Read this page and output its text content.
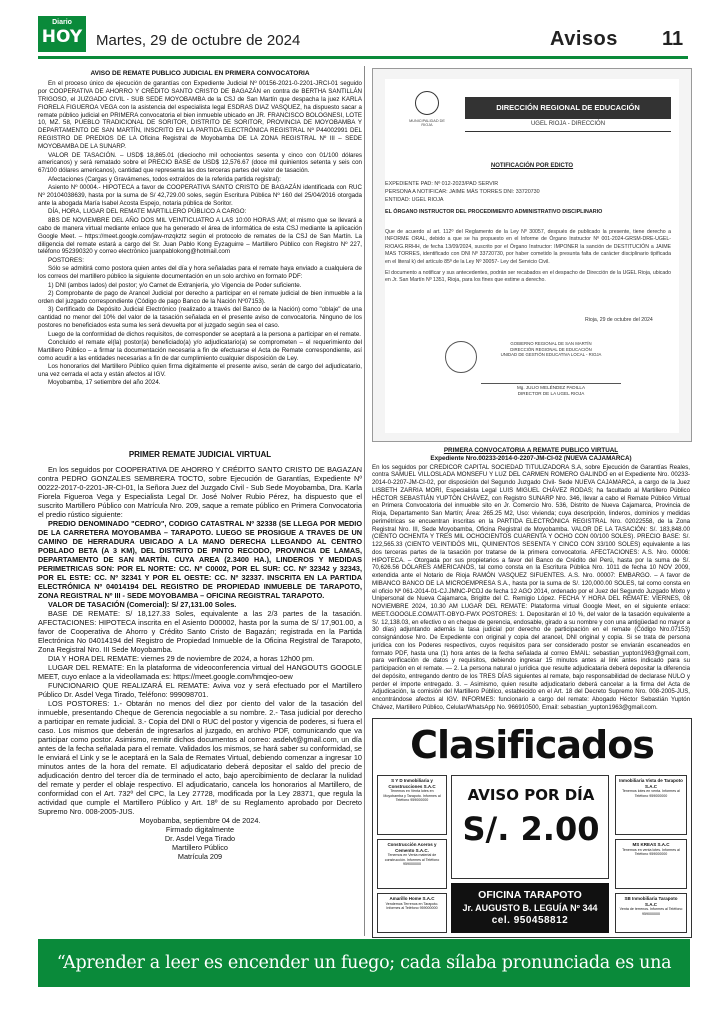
Diario
HOY Martes, 29 de octubre de 2024	Avisos 11

AVISO DE REMATE PÚBLICO JUDICIAL EN PRIMERA CONVOCATORIA

En el proceso único de ejecución de garantías con Expediente Judicial Nº 00156-2021-0-2201-JRCI-01 seguido por COOPERATIVA DE AHORRO Y CRÉDITO SANTO CRISTO DE BAGAZÁN en contra de BERTHA SANTILLÁN TRIGOSO, el JUZGADO CIVIL - SUB SEDE MOYOBAMBA de la CSJ de San Martín que despacha la juez KARLA FIORELA FIGUEROA VEGA con la asistencia del especialista legal ESDRAS DIAZ VASQUEZ, ha dispuesto sacar a remate público judicial en PRIMERA convocatoria el bien inmueble ubicado en JR. FRANCISCO BOLOGNESI, LOTE 10, MZ. 58, PUEBLO TRADICIONAL DE SORITOR, DISTRITO DE SORITOR, PROVINCIA DE MOYOBAMBA Y DEPARTAMENTO DE SAN MARTÍN, INSCRITO EN LA PARTIDA ELECTRÓNICA REGISTRAL Nº P44002991 DEL REGISTRO DE PREDIOS DE LA Oficina Registral de Moyobamba DE LA ZONA REGISTRAL Nº III – SEDE MOYOBAMBA DE LA SUNARP.

VALOR DE TASACIÓN. – USD$ 18,865.01 (dieciocho mil ochocientos sesenta y cinco con 01/100 dólares americanos) y será rematado sobre el PRECIO BASE de USD$ 12,576.67 (doce mil quinientos setenta y seis con 67/100 dólares americanos), cantidad que representa las dos terceras partes del valor de tasación.

Afectaciones (Cargas y Gravámenes, todos extraídos de la referida partida registral):

Asiento Nº 00004.- HIPOTECA a favor de COOPERATIVA SANTO CRISTO DE BAGAZÁN identificada con RUC Nº 20104038639, hasta por la suma de S/ 42,729.00 soles, según Escritura Pública Nº 160 del 25/04/2016 otorgada ante la abogada María Isabel Acosta Espejo, notaria pública de Soritor.

DÍA, HORA, LUGAR DEL REMATE MARTILLERO PÚBLICO A CARGO:

8BS DE NOVIEMBRE DEL AÑO DOS MIL VEINTICUATRO A LAS 10:00 HORAS AM; el mismo que se llevará a cabo de manera virtual mediante enlace que ha generado el área de informática de esta CSJ mediante la aplicación Google Meet. – https://meet.google.com/jaw-mzqkztz según el protocolo de remates de la CSJ de San Martín. La diligencia del remate estará a cargo del Sr. Juan Pablo Kong Eyzaguirre – Martillero Público con Registro Nº 227, teléfono 952390320 y correo electrónico juanpablokong@hotmail.com

POSTORES:

Sólo se admitirá como postora quien antes del día y hora señaladas para el remate haya enviado a cualquiera de los correos del martillero público la siguiente documentación en un solo archivo en formato PDF:

1) DNI (ambos lados) del postor; y/o Carnet de Extranjería, y/o Vigencia de Poder suficiente.

2) Comprobante de pago de Arancel Judicial por derecho a participar en el remate judicial de bien inmueble a la orden del juzgado correspondiente (Código de pago Banco de la Nación Nº07153).

3) Certificado de Depósito Judicial Electrónico (realizado a través del Banco de la Nación) como "oblaje" de una cantidad no menor del 10% del valor de la tasación señalada en el presente aviso de convocatoria. Ninguno de los postores no beneficiados esta suma les será devuelta por el juzgado según sea el caso.

Luego de la conformidad de dichos requisitos, de corresponder se aceptará a la persona a participar en el remate.

Concluido el remate el(la) postor(a) beneficiado(a) y/o adjudicatario(a) se comprometen – el requerimiento del Martillero Público – a firmar la documentación necesaria a fin de efectuarse el Acta de Remate correspondiente, así como acudir a las entidades necesarias a fin de dar cumplimiento cualquier disposición de Ley.

Los honorarios del Martillero Público quien firma digitalmente el presente aviso, serán de cargo del adjudicatario, una vez cerrada el acta y están afectos al IGV.

Moyobamba, 17 setiembre del año 2024.

PRIMER REMATE JUDICIAL VIRTUAL

En los seguidos por COOPERATIVA DE AHORRO Y CRÉDITO SANTO CRISTO DE BAGAZAN contra PEDRO GONZALES SEMBRERA TOCTO, sobre Ejecución de Garantías, Expediente Nº 00222-2017-0-2201-JR-CI-01, la Señora Juez del Juzgado Civil - Sub Sede Moyobamba, Dra. Karla Fiorela Figueroa Vega y Especialista Legal Dr. José Nolver Rubio Pérez, ha dispuesto que el suscrito Martillero Público con Matrícula Nro. 209, saque a remate público en Primera Convocatoria el predio rústico siguiente:

PREDIO DENOMINADO "CEDRO", CODIGO CATASTRAL Nº 32338 (SE LLEGA POR MEDIO DE LA CARRETERA MOYOBAMBA – TARAPOTO. LUEGO SE PROSIGUE A TRAVES DE UN CAMINO DE HERRADURA UBICADO A LA MANO DERECHA LLEGANDO AL CENTRO POBLADO BETA (A 3 KM), DEL DISTRITO DE PINTO RECODO, PROVINCIA DE LAMAS, DEPARTAMENTO DE SAN MARTÍN. CUYA AREA (2.3400 HA.), LINDEROS Y MEDIDAS PERIMETRICAS SON: POR EL NORTE: CC. Nº C0002, POR EL SUR: CC. Nº 32342 y 32343, POR EL ESTE: CC. Nº 32341 Y POR EL OESTE: CC. Nº 32337. INSCRITA EN LA PARTIDA ELECTRÓNICA Nº 04014194 DEL REGISTRO DE PROPIEDAD INMUEBLE DE TARAPOTO, ZONA REGISTRAL Nº III - SEDE MOYOBAMBA – OFICINA REGISTRAL TARAPOTO.

VALOR DE TASACIÓN (Comercial): S/ 27,131.00 Soles.

BASE DE REMATE: S/ 18,127.33 Soles, equivalente a las 2/3 partes de la tasación. AFECTACIONES: HIPOTECA inscrita en el Asiento D00002, hasta por la suma de S/ 17,901.00, a favor de Cooperativa de Ahorro y Crédito Santo Cristo de Bagazán; registrada en la Partida Electrónica No 04014194 del Registro de Propiedad Inmueble de la Oficina Registral de Tarapoto, Zona Registral Nro. III Sede Moyobamba.

DIA Y HORA DEL REMATE: viernes 29 de noviembre de 2024, a horas 12h00 pm.

LUGAR DEL REMATE: En la plataforma de videoconferencia virtual del HANGOUTS GOOGLE MEET, cuyo enlace a la videollamada es: https://meet.google.com/hmqjeo-oew

FUNCIONARIO QUE REALIZARÁ EL REMATE: Aviva voz y será efectuado por el Martillero Público Dr. Asdel Vega Tirado, Teléfono: 999098701.

LOS POSTORES: 1.- Obtarán no menos del diez por ciento del valor de la tasación del inmueble, presentando Cheque de Gerencia negociable a su nombre. 2.- Tasa judicial por derecho a participar en remate judicial. 3.- Copia del DNI o RUC del postor y vigencia de poderes, si fuera el caso. Los mismos que deberán de ingresarlos al juzgado, en archivo PDF, comunicando que va participar como postor. Asimismo, remitir dichos documentos al correo: asdelvt@gmail.com, un día antes de la fecha señalada para el remate. Validados los mismos, se hará saber su conformidad, se le enviará el Link y se le aceptará en la Sala de Remates Virtual, debiendo comenzar a ingresar 10 minutos antes de la hora del remate. El adjudicatario deberá depositar el saldo del precio de adjudicación dentro del tercer día de terminado el acto, bajo apercibimiento de declarar la nulidad del remate y perder el oblaje respectivo. El adjudicatario, cancela los honorarios al Martillero, de conformidad con el Art. 732º del CPC, la Ley 27728, modificada por la Ley 28371, que regula la actividad que cumple el Martillero Público y Art. 18º de su Reglamento aprobado por Decreto Supremo Nro. 008-2005-JUS.

Moyobamba, septiembre 04 de 2024.

Firmado digitalmente

Dr. Asdel Vega Tirado

Martillero Público

Matrícula 209

MUNICIPALIDAD DE RIOJA
DIRECCIÓN REGIONAL DE EDUCACIÓN
UGEL RIOJA - DIRECCIÓN
NOTIFICACIÓN POR EDICTO
EXPEDIENTE PAD: Nº 012-2023/PAD SERVIR
PERSONA A NOTIFICAR: JAIME MÁS TORRES DNI: 33720730
ENTIDAD: UGEL RIOJA
EL ÓRGANO INSTRUCTOR DEL PROCEDIMIENTO ADMINISTRATIVO DISCIPLINARIO

Que de acuerdo al art. 112º del Reglamento de la Ley Nº 30057, después de publicado la presente, tiene derecho a INFORME ORAL, debido a que se ha propuesto en el Informe de Órgano Instructor Nº 001-2024-GRSM-DRE-UGEL-R/OA/G.RRHH, de fecha 13/09/2024, suscrito por el Órgano Instructor: IMPONER la sanción de DESTITUCIÓN a JAIME MAS TORRES, identificado con DNI Nº 33720730, por haber cometido la presunta falta de carácter disciplinario tipificada en el literal k) del artículo 85º de la Ley Nº 30057- Ley del Servicio Civil.

El documento a notificar y sus antecedentes, podrán ser recabados en el despacho de Dirección de la UGEL Rioja, ubicado en Jr. San Martín Nº 1351, Rioja, para los fines que estime a derecho.

Rioja, 29 de octubre del 2024
GOBIERNO REGIONAL DE SAN MARTÍN
DIRECCIÓN REGIONAL DE EDUCACIÓN
UNIDAD DE GESTIÓN EDUCATIVA LOCAL - RIOJA
Mg. JULIO MELÉNDEZ PADILLA
DIRECTOR DE LA UGEL RIOJA
PRIMERA CONVOCATORIA A REMATE PÚBLICO VIRTUAL
Expediente Nro.00233-2014-0-2207-JM-CI-02 (NUEVA CAJAMARCA)

En los seguidos por CREDICOR CAPITAL SOCIEDAD TITULIZADORA S.A, sobre Ejecución de Garantías Reales, contra SAMUEL VILLOSLADA MONSEFU Y LUZ DEL CARMEN ROMERO GALINDO en el Expediente Nro. 00233-2014-0-2207-JM-CI-02, por disposición del Segundo Juzgado Civil- Sede NUEVA CAJAMARCA, a cargo de la Juez LISBETH ZARRIA MORI, Especialista Legal LUIS MIGUEL CHÁVEZ RODAS; ha facultado al Martillero Público HÉCTOR SEBASTIÁN YUPTÓN CHÁVEZ, con Registro SUNARP Nro. 346, llevar a cabo el Remate Público Virtual en Primera Convocatoria del inmueble sito en Jr. Comercio Nro. 536, Distrito de Nueva Cajamarca, Provincia de Rioja, Departamento San Martín; Área: 265.25 M2, Uso: vivienda; cuya descripción, linderos, dominios y medidas perimétricas se encuentran inscritas en la PARTIDA ELECTRÓNICA REGISTRAL Nro. 02022558, de la Zona Registral Nro. III, Sede Moyobamba, Oficina Registral de Moyobamba. VALOR DE LA TASACIÓN: S/. 183,848.00 (CIENTO OCHENTA Y TRES MIL OCHOCIENTOS CUARENTA Y OCHO CON 00/100 SOLES). PRECIO BASE: S/. 122,565.33 (CIENTO VEINTIDÓS MIL, QUINIENTOS SESENTA Y CINCO CON 33/100 SOLES) equivalente a las dos terceras partes de la tasación por tratarse de la primera convocatoria. AFECTACIONES: A.S. Nro. 00006: HIPOTECA. – Otorgada por sus propietarios a favor del Banco de Crédito del Perú, hasta por la suma de S/. 70,626.56 DÓLARES AMERICANOS, tal como consta en la Escritura Pública Nro. 1011 de fecha 10 NOV 2009, extendida ante el Notario de Rioja RAMÓN VASQUEZ SIFUENTES. A.S. Nro. 00007: EMBARGO. – A favor de MIBANCO BANCO DE LA MICROEMPRESA S.A., hasta por la suma de S/. 120,000.00 SOLES, tal como consta en el oficio Nº 061-2014-01-CJ.JMNC-PCDJ de fecha 12 AGO 2014, ordenado por el Juez del Segundo Juzgado Mixto y Unipersonal de Nueva Cajamarca, Brigitte del C. Remigio López. FECHA Y HORA DEL REMATE: VIERNES, 08 NOVIEMBRE 2024, 10.30 AM LUGAR DEL REMATE: Plataforma virtual Google Meet, en el siguiente enlace: MEET.GOOGLE.COM/ATT-OBYO-FWX POSTORES: 1. Depositarán el 10 %, del valor de la tasación equivalente a S/. 12,138.03, en efectivo o en cheque de gerencia, endosable, girado a su nombre y con una antigüedad no mayor a 30 días) adjuntando además la tasa judicial por derecho de participación en el remate (Código Nro.07153) consignándose Nro. De Expediente con original y copia del arancel, DNI original y copia. Si se trata de persona jurídica con los Poderes respectivos, cuyos requisitos para ser considerado postor se enviarán escaneados en formato PDF, hasta una (1) hora antes de la fecha señalada al correo EMAIL: sebastian_yupton1963@gmail.com, para verificación de datos y requisitos, debiendo ingresar 15 minutos antes al link antes indicado para su participación en el remate. — 2. La persona natural o jurídica que resulte adjudicataria deberá depositar la diferencia del depósito, entregando dentro de los TRES DÍAS siguientes al remate, bajo responsabilidad de declarase NULO y perder el importe entregado. 3. – Asimismo, quien resulte adjudicatario deberá cancelar a la firma del Acta de Adjudicación, la comisión del Martillero Público, establecido en el Art. 18 del Decreto Supremo Nro. 008-2005-JUS, encontrándose afectos al IGV. INFORMES: funcionario a cargo del remate: Abogado Héctor Sebastián Yuptón Chávez, Martillero Público, Celular/WhatsApp No. 966910500, Email: sebastian_yupton1963@gmail.com.

Clasificados
S Y D Inmobiliaria y Construcciones S.A.C
Tenemos en Venta lotes en Moyobamba y Tarapoto. Informes al Teléfono 959000000
Construcción Aceros y Cemento S.A.C.
Tenemos en Venta material de construcción. Informes al Teléfono 959000000
Amarillo Home S.A.C
Vendemos Terrenos en Tarapoto. Informes al Teléfono 959000000
Inmobiliaria Vista de Tarapoto S.A.C
Tenemos lotes en venta. Informes al Teléfono 959000000
MS KREAS S.A.C
Tenemos en venta lotes. Informes al Teléfono 959000000
SB Inmobiliaria Tarapoto S.A.C
Venta de terrenos. Informes al Teléfono 959000000
AVISO POR DÍA
S/. 2.00
OFICINA TARAPOTO
Jr. AUGUSTO B. LEGUÍA Nº 344
cel. 950458812
“Aprender a leer es encender un fuego; cada sílaba pronunciada es una chispa”.
